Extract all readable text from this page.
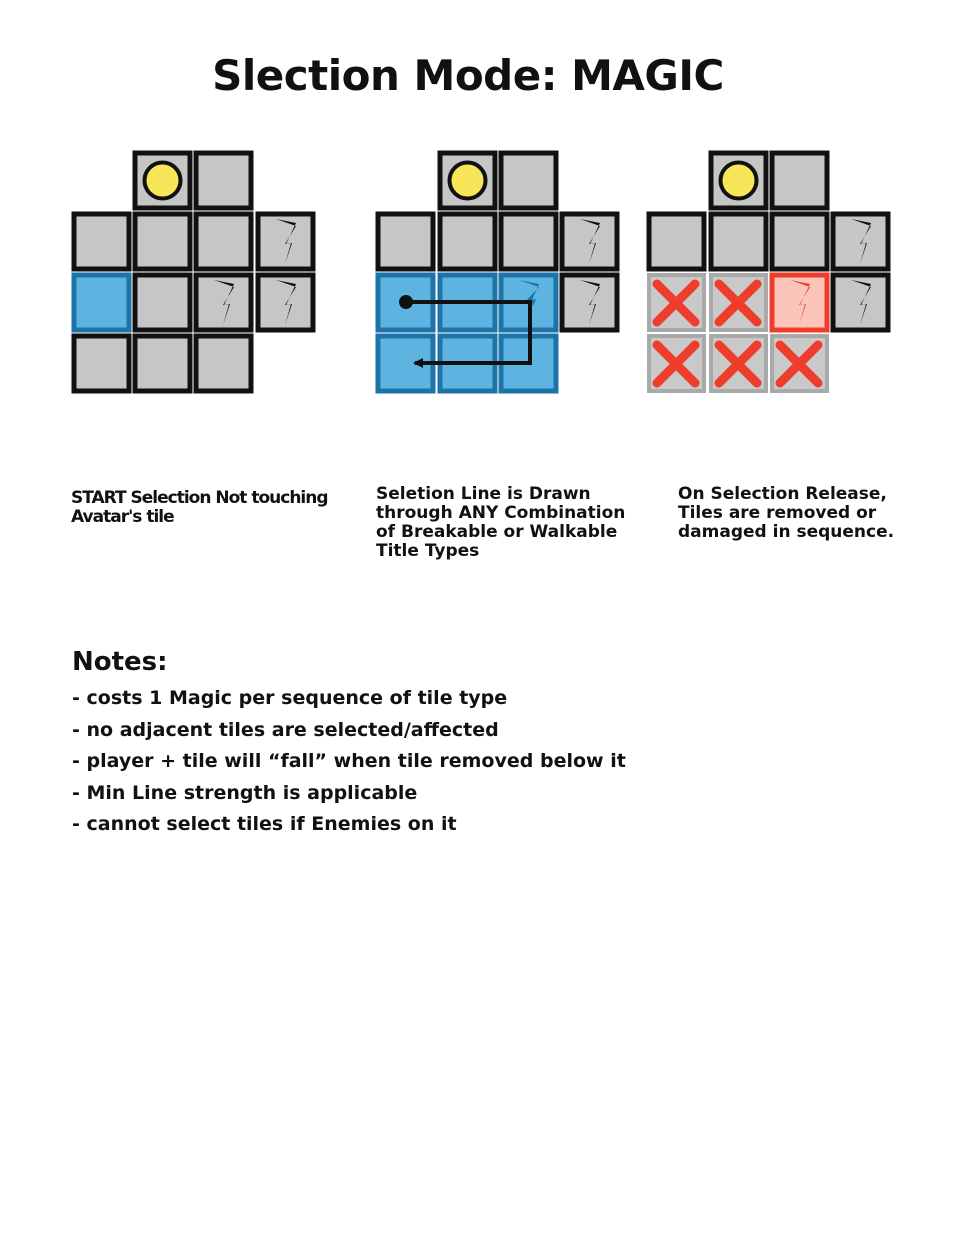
Slection Mode: MAGIC
START Selection Not touching
Avatar's tile
Seletion Line is Drawn
through ANY Combination
of Breakable or Walkable
Title Types
On Selection Release,
Tiles are removed or
damaged in sequence.
Notes:
- costs 1 Magic per sequence of tile type
- no adjacent tiles are selected/affected
- player + tile will “fall” when tile removed below it
- Min Line strength is applicable
- cannot select tiles if Enemies on it
